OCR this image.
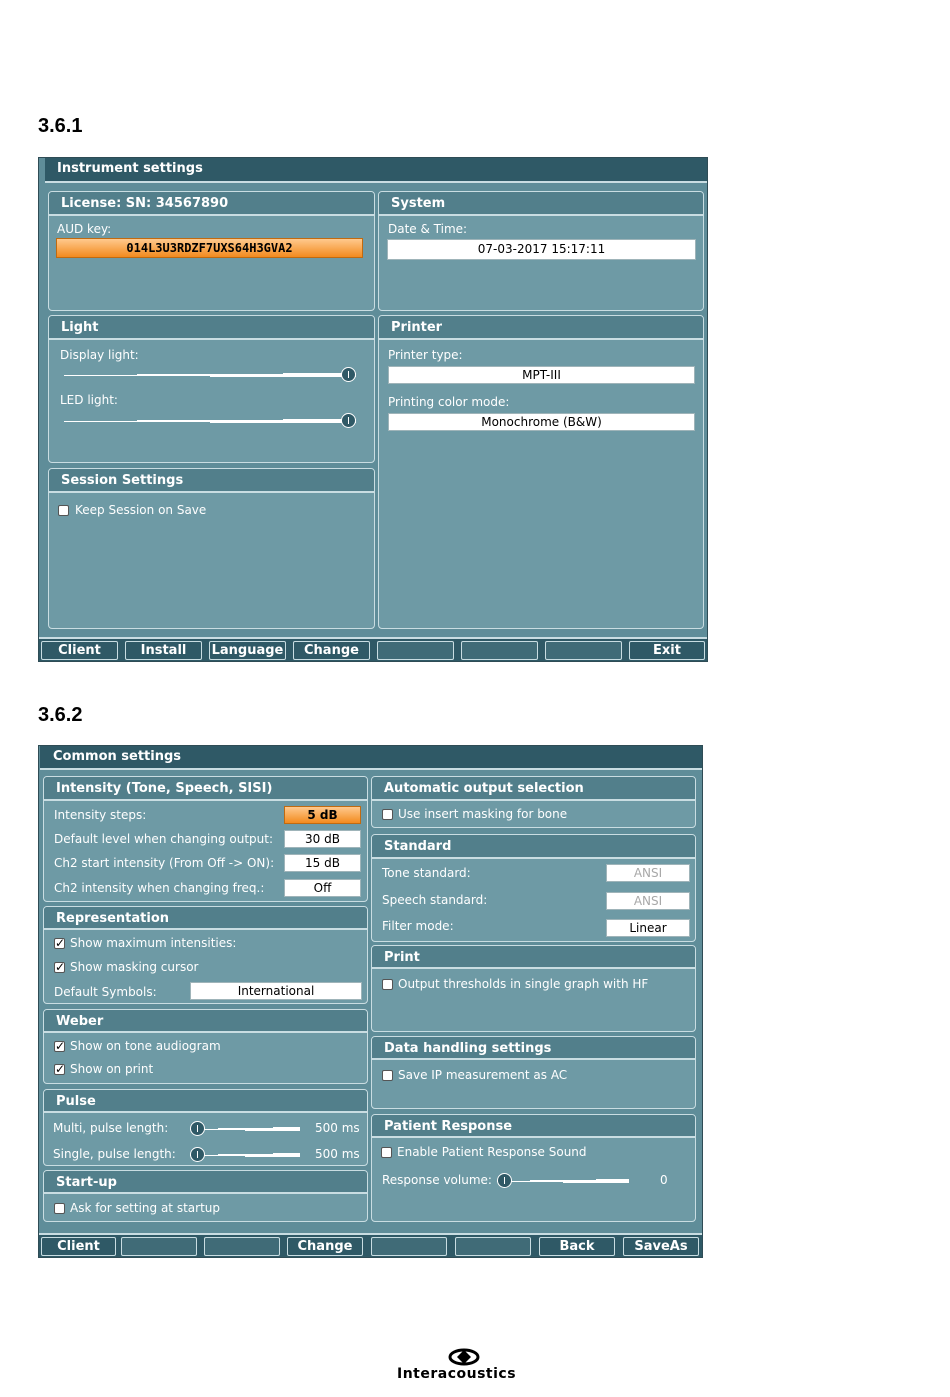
3.6.1
3.6.2
Instrument settings
License: SN: 34567890
AUD key:
014L3U3RDZF7UXS64H3GVA2
System
Date & Time:
07-03-2017 15:17:11
Light
Display light:
LED light:
Printer
Printer type:
MPT-III
Printing color mode:
Monochrome (B&W)
Session Settings
Keep Session on Save
Client	Install	Language	Change	Exit
Common settings
Intensity (Tone, Speech, SISI)
Intensity steps:	5 dB
Default level when changing output:	30 dB
Ch2 start intensity (From Off -> ON):	15 dB
Ch2 intensity when changing freq.:	Off
Representation
✓
Show maximum intensities:
✓
Show masking cursor
Default Symbols:	International
Weber
✓
Show on tone audiogram
✓
Show on print
Pulse
Multi, pulse length:	500 ms
Single, pulse length:	500 ms
Start-up
Ask for setting at startup
Automatic output selection
Use insert masking for bone
Standard
Tone standard:	ANSI
Speech standard:	ANSI
Filter mode:	Linear
Print
Output thresholds in single graph with HF
Data handling settings
Save IP measurement as AC
Patient Response
Enable Patient Response Sound
Response volume:	0
Client	Change	Back	SaveAs
Interacoustics
